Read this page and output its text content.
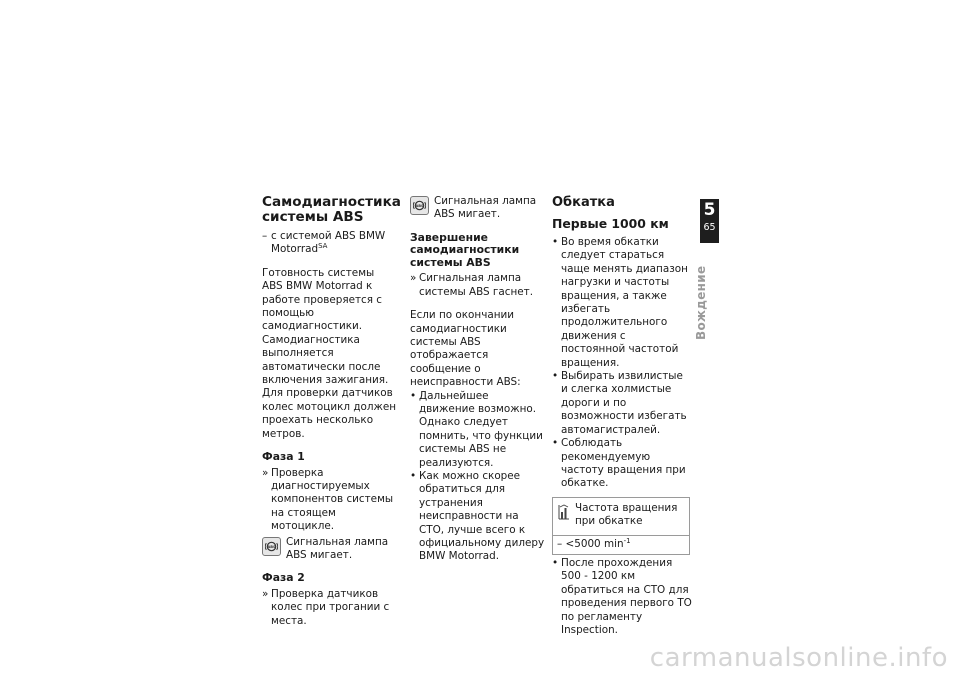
Самодиагностика системы ABS
– с системой ABS BMW Motorrad$^{SA}$

Готовность системы ABS BMW Motorrad к работе проверяется с помощью самодиагностики. Самодиагностика выполняется автоматически после включения зажигания. Для проверки датчиков колес мотоцикл должен проехать несколько метров.

Фаза 1
» Проверка диагностируемых компонентов системы на стоящем мотоцикле.
ABS Сигнальная лампа ABS мигает.
Фаза 2
» Проверка датчиков колес при трогании с места.
ABS Сигнальная лампа ABS мигает.
Завершение самодиагностики системы ABS
» Сигнальная лампа системы ABS гаснет.

Если по окончании самодиагностики системы ABS отображается сообщение о неисправности ABS:

• Дальнейшее движение возможно. Однако следует помнить, что функции системы ABS не реализуются.
• Как можно скорее обратиться для устранения неисправности на СТО, лучше всего к официальному дилеру BMW Motorrad.
Обкатка
Первые 1000 км
• Во время обкатки следует стараться чаще менять диапазон нагрузки и частоты вращения, а также избегать продолжительного движения с постоянной частотой вращения.
• Выбирать извилистые и слегка холмистые дороги и по возможности избегать автомагистралей.
• Соблюдать рекомендуемую частоту вращения при обкатке.
Частота вращения при обкатке
– <5000 $\min^{-1}$
• После прохождения 500 - 1200 км обратиться на СТО для проведения первого ТО по регламенту Inspection.
5
65
Вождение
carmanualsonline.info
